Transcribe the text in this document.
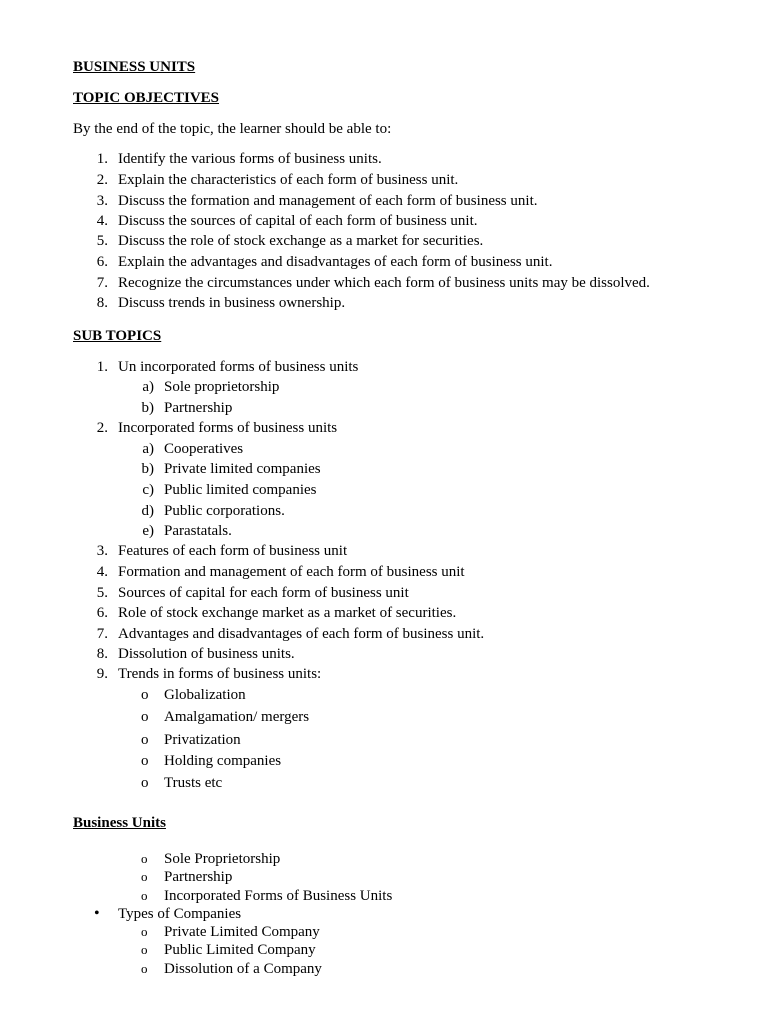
BUSINESS UNITS
TOPIC OBJECTIVES
By the end of the topic, the learner should be able to:
1. Identify the various forms of business units.
2. Explain the characteristics of each form of business unit.
3. Discuss the formation and management of each form of business unit.
4. Discuss the sources of capital of each form of business unit.
5. Discuss the role of stock exchange as a market for securities.
6. Explain the advantages and disadvantages of each form of business unit.
7. Recognize the circumstances under which each form of business units may be dissolved.
8. Discuss trends in business ownership.
SUB TOPICS
1. Un incorporated forms of business units
a) Sole proprietorship
b) Partnership
2. Incorporated forms of business units
a) Cooperatives
b) Private limited companies
c) Public limited companies
d) Public corporations.
e) Parastatals.
3. Features of each form of business unit
4. Formation and management of each form of business unit
5. Sources of capital for each form of business unit
6. Role of stock exchange market as a market of securities.
7. Advantages and disadvantages of each form of business unit.
8. Dissolution of business units.
9. Trends in forms of business units:
o Globalization
o Amalgamation/ mergers
o Privatization
o Holding companies
o Trusts etc
Business Units
o Sole Proprietorship
o Partnership
o Incorporated Forms of Business Units
• Types of Companies
o Private Limited Company
o Public Limited Company
o Dissolution of a Company
